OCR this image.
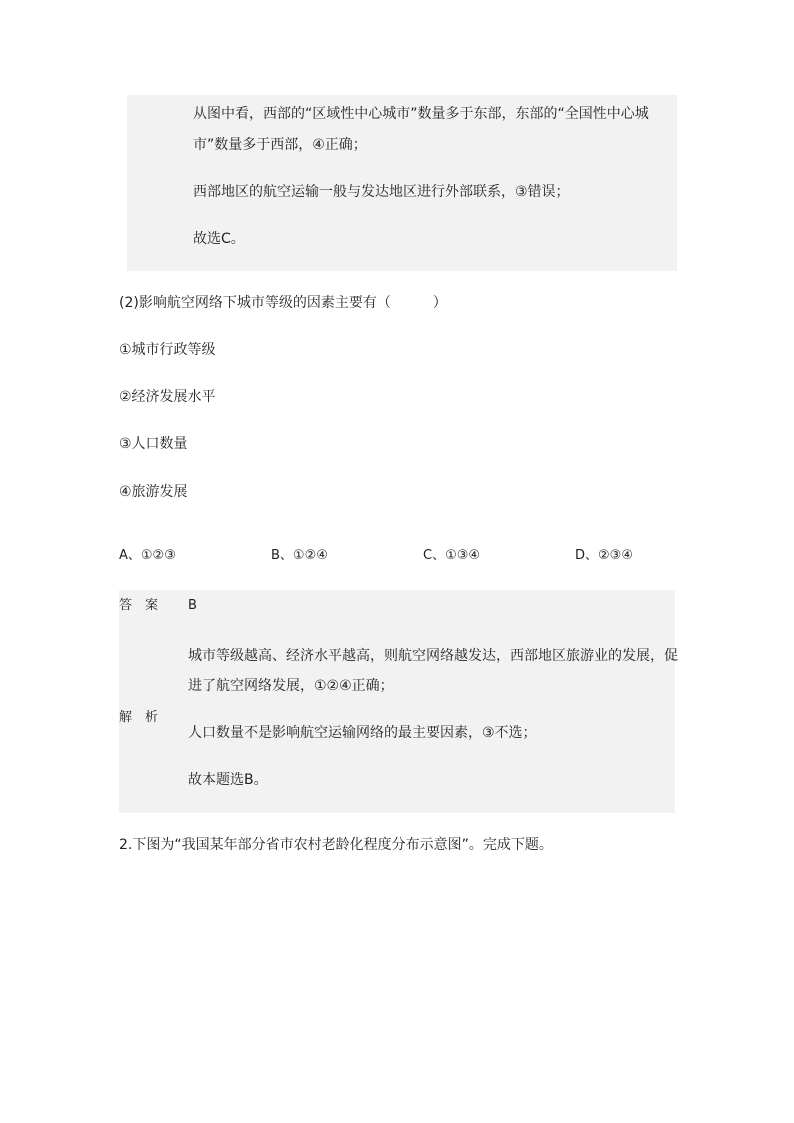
从图中看，西部的“区域性中心城市”数量多于东部，东部的“全国性中心城
市”数量多于西部，④正确；
西部地区的航空运输一般与发达地区进行外部联系，③错误；
故选C。
(2)影响航空网络下城市等级的因素主要有（　　　）
①城市行政等级
②经济发展水平
③人口数量
④旅游发展
A、①②③	B、①②④	C、①③④	D、②③④
答　案 B
城市等级越高、经济水平越高，则航空网络越发达，西部地区旅游业的发展，促
进了航空网络发展，①②④正确；
解　析
人口数量不是影响航空运输网络的最主要因素，③不选；
故本题选B。
2.下图为“我国某年部分省市农村老龄化程度分布示意图”。完成下题。
